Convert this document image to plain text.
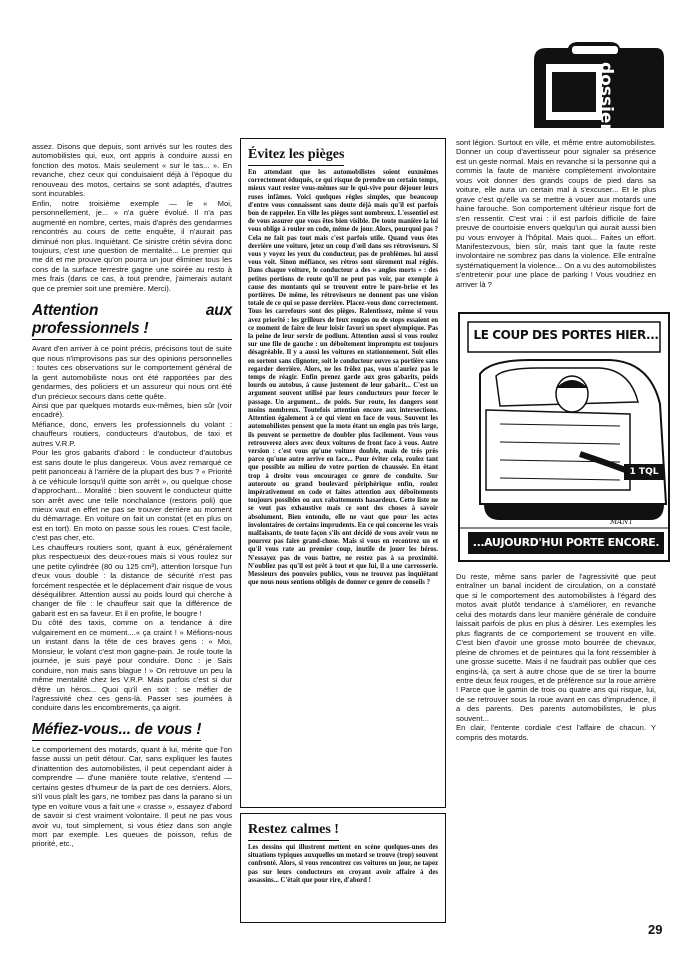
dossier

assez. Disons que depuis, sont arrivés sur les routes des automobilistes qui, eux, ont appris à conduire aussi en fonction des motos. Mais seulement « sur le tas... ». En revanche, chez ceux qui conduisaient déjà à l'époque du renouveau des motos, certains se sont adaptés, d'autres sont incurables.

Enfin, notre troisième exemple — le « Moi, personnellement, je... » n'a guère évolué. Il n'a pas augmenté en nombre, certes, mais d'après des gendarmes rencontrés au cours de cette enquête, il n'aurait pas diminué non plus. Inquiétant. Ce sinistre crétin sévira donc toujours, c'est une question de mentalité... Le premier qui me dit et me prouve qu'on pourra un jour éliminer tous les cons de la surface terrestre gagne une soirée au resto à mes frais (dans ce cas, à tout prendre, j'aimerais autant que ce premier soit une première. Merci).

Attention aux professionnels !

Avant d'en arriver à ce point précis, précisons tout de suite que nous n'improvisons pas sur des opinions personnelles : toutes ces observations sur le comportement général de la gent automobiliste nous ont été rapportées par des gendarmes, des policiers et un assureur qui nous ont été d'un précieux secours dans cette quête.

Ainsi que par quelques motards eux-mêmes, bien sûr (voir encadré).

Méfiance, donc, envers les professionnels du volant : chauffeurs routiers, conducteurs d'autobus, de taxi et autres V.R.P.

Pour les gros gabarits d'abord : le conducteur d'autobus est sans doute le plus dangereux. Vous avez remarqué ce petit panonceau à l'arrière de la plupart des bus ? « Priorité à ce véhicule lorsqu'il quitte son arrêt », ou quelque chose d'approchant... Moralité : bien souvent le conducteur quitte son arrêt avec une telle nonchalance (restons poli) que mieux vaut en effet ne pas se trouver derrière au moment du démarrage. En voiture on fait un constat (et en plus on est en tort). En moto on passe sous les roues. C'est facile, c'est pas cher, etc.

Les chauffeurs routiers sont, quant à eux, généralement plus respectueux des deux-roues mais si vous roulez sur une petite cylindrée (80 ou 125 cm³), attention lorsque l'un d'eux vous double : la distance de sécurité n'est pas forcément respectée et le déplacement d'air risque de vous déséquilibrer. Attention aussi au poids lourd qui cherche à changer de file : le chauffeur sait que la différence de gabarit est en sa faveur. Et il en profite, le bougre !

Du côté des taxis, comme on a tendance à dire vulgairement en ce moment....« ça craint ! » Méfions-nous un instant dans la tête de ces braves gens : « Moi, Monsieur, le volant c'est mon gagne-pain. Je roule toute la journée, je suis payé pour conduire. Donc : je Sais conduire, non mais sans blague ! » On retrouve un peu la même mentalité chez les V.R.P. Mais parfois c'est si dur d'être un héros... Quoi qu'il en soit : se méfier de l'agressivité chez ces gens-là. Passer ses journées à conduire dans les encombrements, ça aigrit.

Méfiez-vous... de vous !

Le comportement des motards, quant à lui, mérite que l'on fasse aussi un petit détour. Car, sans expliquer les fautes d'inattention des automobilistes, il peut cependant aider à comprendre — d'une manière toute relative, s'entend — certains gestes d'humeur de la part de ces derniers. Alors, si'il vous plaît les gars, ne tombez pas dans la parano si un type en voiture vous a fait une « crasse », essayez d'abord de savoir si c'est vraiment volontaire. Il peut ne pas vous avoir vu, tout simplement, si vous étiez dans son angle mort par exemple. Les queues de poisson, refus de priorité, etc.,

Évitez les pièges
En attendant que les automobilistes soient euxmêmes correctement éduqués, ce qui risque de prendre un certain temps, mieux vaut rester vous-mêmes sur le qui-vive pour déjouer leurs ruses infâmes. Voici quelques règles simples, que beaucoup d'entre vous connaissent sans doute déjà mais qu'il est parfois bon de rappeler. En ville les pièges sont nombreux. L'essentiel est de vous assurer que vous êtes bien visible. De toute manière la loi vous oblige à rouler en code, même de jour. Alors, pourquoi pas ? Cela ne fait pas tout mais c'est parfois utile. Quand vous êtes derrière une voiture, jetez un coup d'œil dans ses rétroviseurs. Si vous y voyez les yeux du conducteur, pas de problèmes. lui aussi vous voit. Sinon méfiance, ses rétros sont sûrement mal réglés. Dans chaque voiture, le conducteur a des « angles morts » : des petites portions de route qu'il ne peut pas voir, par exemple à cause des montants qui se trouvent entre le pare-brise et les portières. De même, les rétroviseurs ne donnent pas une vision totale de ce qui se passe derrière. Placez-vous donc correctement. Tous les carrefours sont des pièges. Ralentissez, même si vous avez priorité : les grilleurs de feux rouges ou de stops essaient en ce moment de faire de leur loisir favori un sport olympique. Pas la peine de leur servir de podium. Attention aussi si vous roulez sur une file de gauche : un déboîtement impromptu est toujours désagréable. Il y a aussi les voitures en stationnement. Soit elles en sortent sans clignoter, soit le conducteur ouvre sa portière sans regarder derrière. Alors, ne les frôlez pas, vous n'auriez pas le temps de réagir. Enfin prenez garde aux gros gabarits, poids lourds ou autobus, à cause justement de leur gabarit... C'est un argument souvent utilisé par leurs conducteurs pour forcer le passage. Un argument... de poids. Sur route, les dangers sont moins nombreux. Toutefois attention encore aux intersections. Attention également à ce qui vient en face de vous. Souvent les automobilistes pensent que la moto étant un engin pas très large, ils peuvent se permettre de doubler plus facilement. Vous vous retrouverez alors avec deux voitures de front face à vous. Autre version : c'est vous qu'une voiture double, mais de très près parce qu'une autre arrive en face... Pour éviter cela, roulez tant que possible au milieu de votre portion de chaussée. En étant trop à droite vous encouragez ce genre de conduite. Sur autoroute ou grand boulevard périphérique enfin, roulez impérativement en code et faites attention aux déboîtements toujours possibles ou aux rabattements hasardeux. Cette liste ne se veut pas exhaustive mais ce sont des choses à savoir absolument. Bien entendu, elle ne vaut que pour les actes involontaires de certains imprudents. En ce qui concerne les vrais malfaisants, de toute façon s'ils ont décidé de vous avoir vous ne pourrez pas faire grand-chose. Mais si vous en recontrez un et qu'il vous rate au premier coup, inutile de jouer les héros. N'essayez pas de vous battre, ne restez pas à sa proximité. N'oubliez pas qu'il est prêt à tout et que lui, il a une carrosserie. Messieurs des pouvoirs publics, vous ne trouvez pas inquiétant que nous nous sentions obligés de donner ce genre de conseils ?
Restez calmes !
Les dessins qui illustrent mettent en scène quelques-unes des situations typiques auxquelles un motard se trouve (trop) souvent confronté. Alors, si vous rencontrez ces voitures un jour, ne tapez pas sur leurs conducteurs en croyant avoir affaire à des assassins... C'était que pour rire, d'abord !

sont légion. Surtout en ville, et même entre automobilistes. Donner un coup d'avertisseur pour signaler sa présence est un geste normal. Mais en revanche si la personne qui a commis la faute de manière complètement involontaire vous voit donner des grands coups de pied dans sa voiture, elle aura un certain mal à s'excuser... Et le plus grave c'est qu'elle va se mettre à vouer aux motards une haine farouche. Son comportement ultérieur risque fort de s'en ressentir. C'est vrai : il est parfois difficile de faire preuve de courtoisie envers quelqu'un qui aurait aussi bien pu vous envoyer à l'hôpital. Mais quoi... Faites un effort. Manifestezvous, bien sûr, mais tant que la faute reste involontaire ne sombrez pas dans la violence. Elle entraîne systématiquement la violence... On a vu des automobilistes s'entretenir pour une place de parking ! Vous voudriez en arriver là ?

LE COUP DES PORTES HIER...
1 TQL
MANT
...AUJOURD'HUI PORTE ENCORE.

Du reste, même sans parler de l'agressivité que peut entraîner un banal incident de circulation, on a constaté que si le comportement des automobilistes à l'égard des motos avait plutôt tendance à s'améliorer, en revanche celui des motards dans leur manière générale de conduire laissait parfois de plus en plus à désirer. Les exemples les plus flagrants de ce comportement se trouvent en ville. C'est bien d'avoir une grosse moto bourrée de chevaux, pleine de chromes et de peintures qui la font ressembler à une grosse sucette. Mais il ne faudrait pas oublier que ces engins-là, ça sert à autre chose que de se tirer la bourre entre deux feux rouges, et de préférence sur la roue arrière ! Parce que le gamin de trois ou quatre ans qui risque, lui, de se retrouver sous la roue avant en cas d'imprudence, il a des parents. Des parents automobilistes, le plus souvent...

En clair, l'entente cordiale c'est l'affaire de chacun. Y compris des motards.

29
